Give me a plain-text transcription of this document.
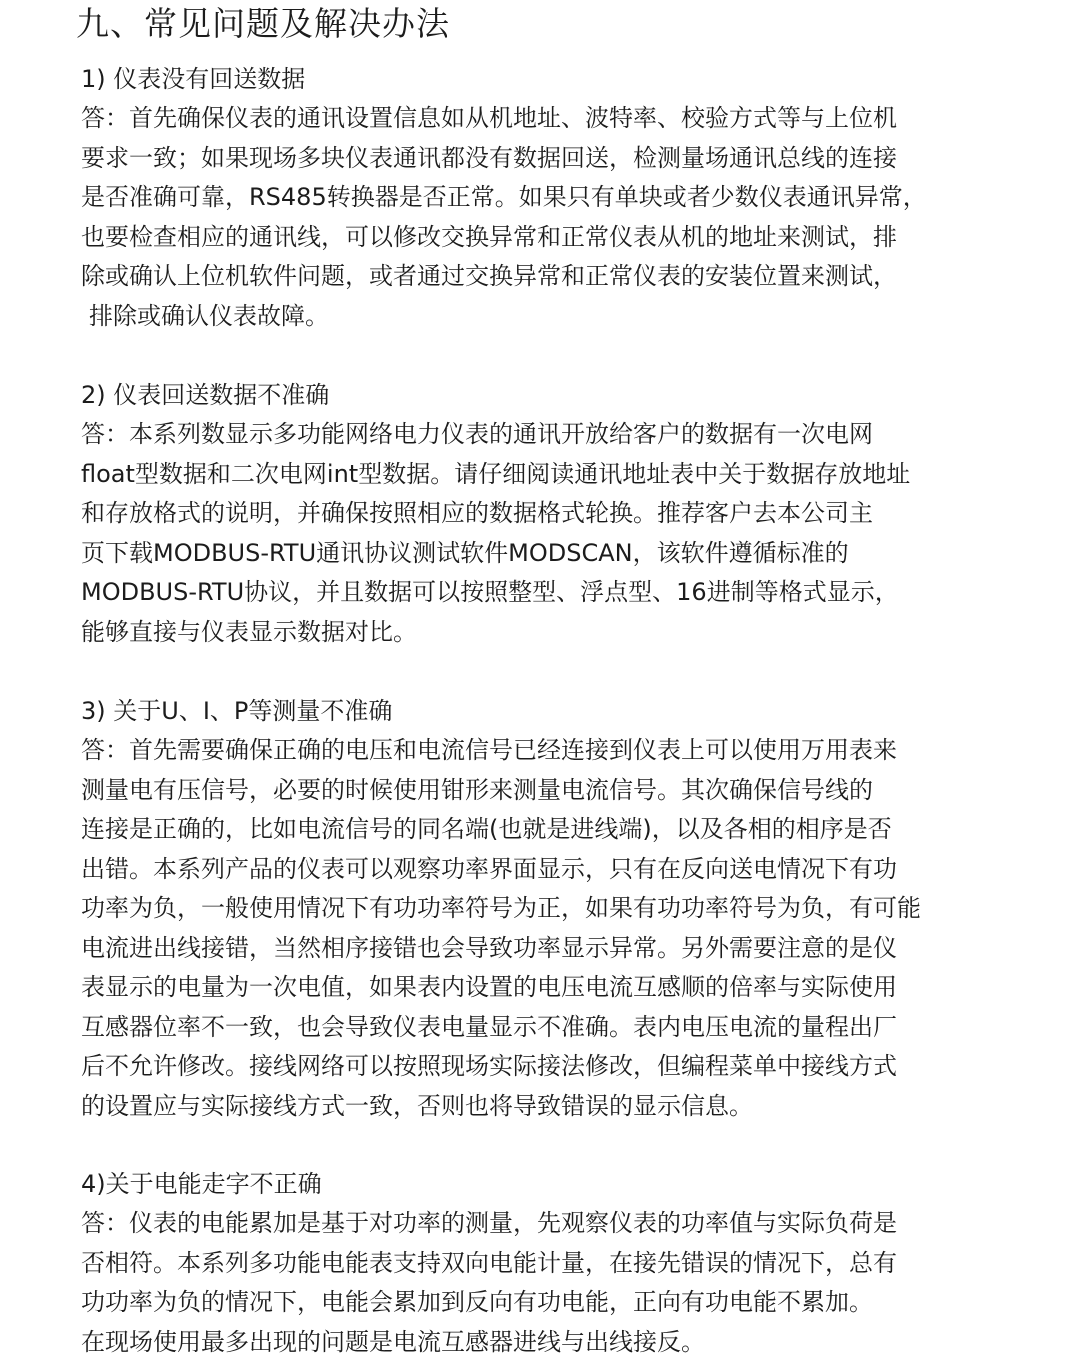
九、常见问题及解决办法

1) 仪表没有回送数据

答：首先确保仪表的通讯设置信息如从机地址、波特率、校验方式等与上位机
要求一致；如果现场多块仪表通讯都没有数据回送，检测量场通讯总线的连接
是否准确可靠，RS485转换器是否正常。如果只有单块或者少数仪表通讯异常，
也要检查相应的通讯线，可以修改交换异常和正常仪表从机的地址来测试，排
除或确认上位机软件问题，或者通过交换异常和正常仪表的安装位置来测试，
排除或确认仪表故障。

2) 仪表回送数据不准确

答：本系列数显示多功能网络电力仪表的通讯开放给客户的数据有一次电网
float型数据和二次电网int型数据。请仔细阅读通讯地址表中关于数据存放地址
和存放格式的说明，并确保按照相应的数据格式轮换。推荐客户去本公司主
页下载MODBUS-RTU通讯协议测试软件MODSCAN，该软件遵循标准的
MODBUS-RTU协议，并且数据可以按照整型、浮点型、16进制等格式显示，
能够直接与仪表显示数据对比。

3) 关于U、I、P等测量不准确

答：首先需要确保正确的电压和电流信号已经连接到仪表上可以使用万用表来
测量电有压信号，必要的时候使用钳形来测量电流信号。其次确保信号线的
连接是正确的，比如电流信号的同名端(也就是进线端)，以及各相的相序是否
出错。本系列产品的仪表可以观察功率界面显示，只有在反向送电情况下有功
功率为负，一般使用情况下有功功率符号为正，如果有功功率符号为负，有可能
电流进出线接错，当然相序接错也会导致功率显示异常。另外需要注意的是仪
表显示的电量为一次电值，如果表内设置的电压电流互感顺的倍率与实际使用
互感器位率不一致，也会导致仪表电量显示不准确。表内电压电流的量程出厂
后不允许修改。接线网络可以按照现场实际接法修改，但编程菜单中接线方式
的设置应与实际接线方式一致，否则也将导致错误的显示信息。

4)关于电能走字不正确

答：仪表的电能累加是基于对功率的测量，先观察仪表的功率值与实际负荷是
否相符。本系列多功能电能表支持双向电能计量，在接先错误的情况下，总有
功功率为负的情况下，电能会累加到反向有功电能，正向有功电能不累加。
在现场使用最多出现的问题是电流互感器进线与出线接反。
